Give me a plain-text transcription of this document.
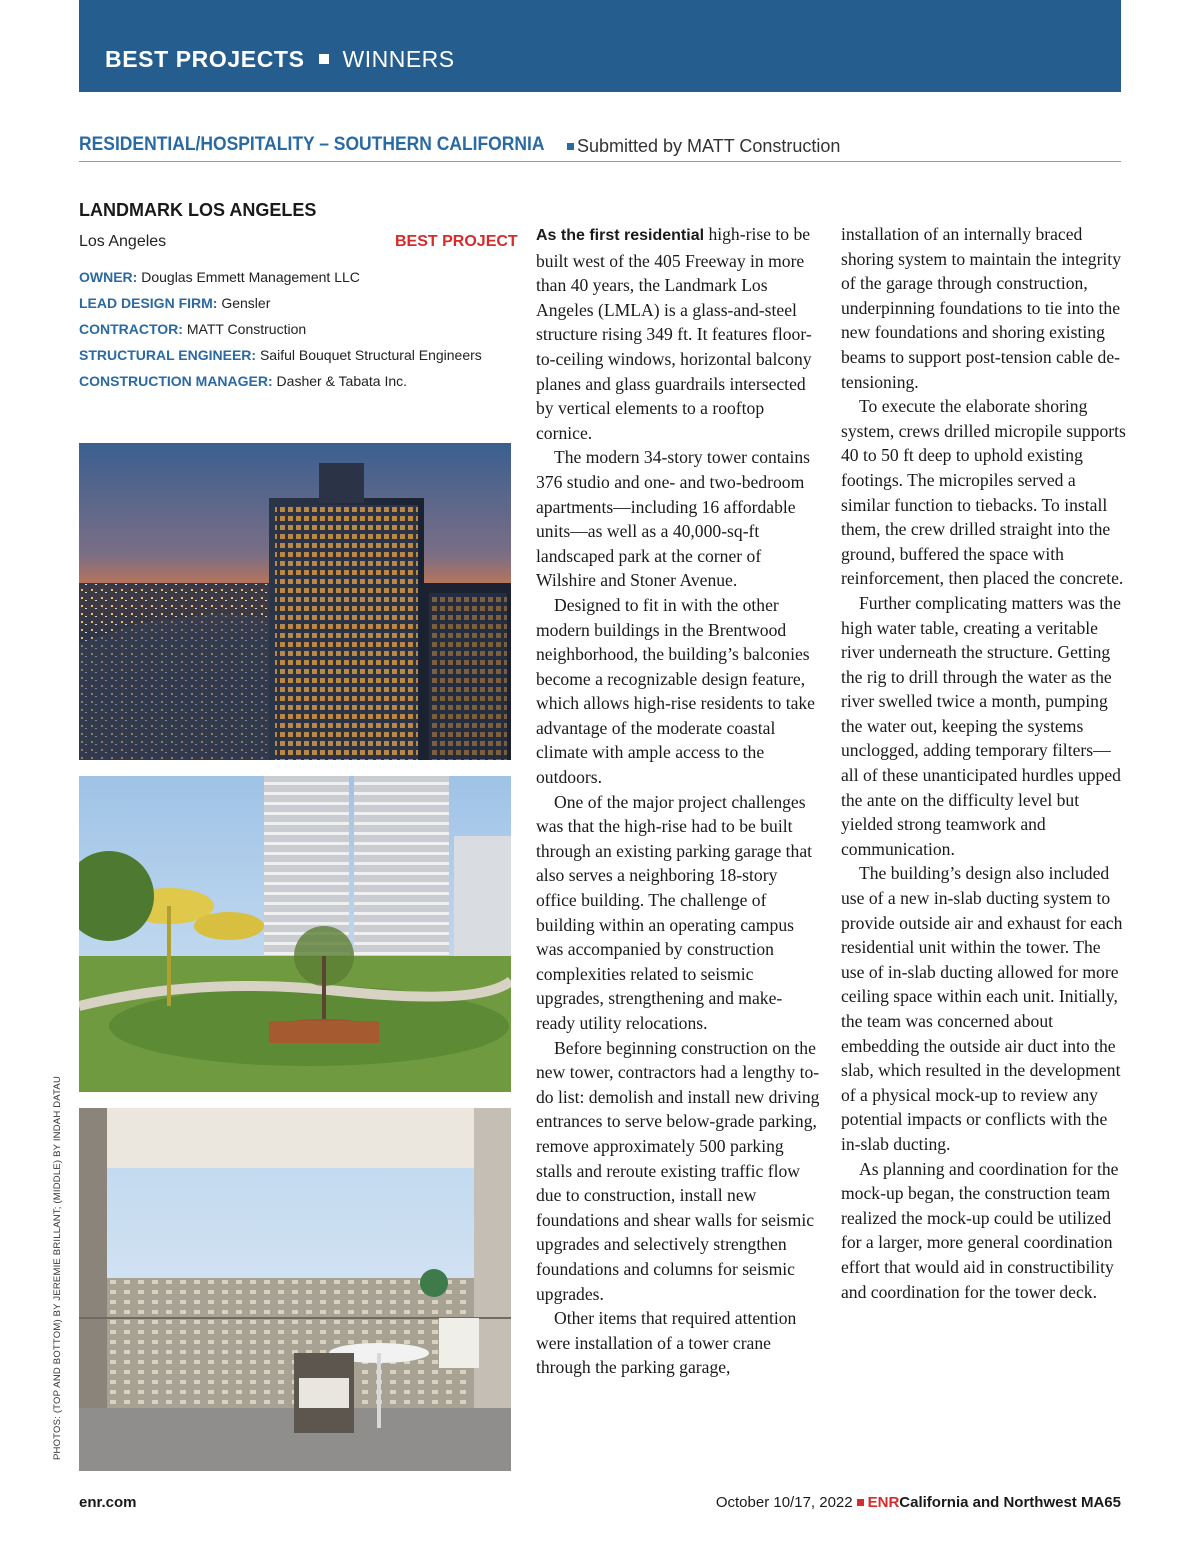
BEST PROJECTS WINNERS
RESIDENTIAL/HOSPITALITY – SOUTHERN CALIFORNIA Submitted by MATT Construction
LANDMARK LOS ANGELES
Los Angeles	BEST PROJECT
OWNER: Douglas Emmett Management LLC
LEAD DESIGN FIRM: Gensler
CONTRACTOR: MATT Construction
STRUCTURAL ENGINEER: Saiful Bouquet Structural Engineers
CONSTRUCTION MANAGER: Dasher & Tabata Inc.
PHOTOS: (TOP AND BOTTOM) BY JEREMIE BRILLANT; (MIDDLE) BY INDAH DATAU

As the first residential high-rise to be built west of the 405 Freeway in more than 40 years, the Landmark Los Angeles (LMLA) is a glass-and-steel structure rising 349 ft. It features floor-to-ceiling windows, horizontal balcony planes and glass guardrails intersected by vertical elements to a rooftop cornice.

The modern 34-story tower contains 376 studio and one- and two-bedroom apartments—including 16 affordable units—as well as a 40,000-sq-ft landscaped park at the corner of Wilshire and Stoner Avenue.

Designed to fit in with the other modern buildings in the Brentwood neighborhood, the building’s balconies become a recognizable design feature, which allows high-rise residents to take advantage of the moderate coastal climate with ample access to the outdoors.

One of the major project challenges was that the high-rise had to be built through an existing parking garage that also serves a neighboring 18-story office building. The challenge of building within an operating campus was accompanied by construction complexities related to seismic upgrades, strengthening and make-ready utility relocations.

Before beginning construction on the new tower, contractors had a lengthy to-do list: demolish and install new driving entrances to serve below-grade parking, remove approximately 500 parking stalls and reroute existing traffic flow due to construction, install new foundations and shear walls for seismic upgrades and selectively strengthen foundations and columns for seismic upgrades.

Other items that required attention were installation of a tower crane through the parking garage,

installation of an internally braced shoring system to maintain the integrity of the garage through construction, underpinning foundations to tie into the new foundations and shoring existing beams to support post-tension cable de-tensioning.

To execute the elaborate shoring system, crews drilled micropile supports 40 to 50 ft deep to uphold existing footings. The micropiles served a similar function to tiebacks. To install them, the crew drilled straight into the ground, buffered the space with reinforcement, then placed the concrete.

Further complicating matters was the high water table, creating a veritable river underneath the structure. Getting the rig to drill through the water as the river swelled twice a month, pumping the water out, keeping the systems unclogged, adding temporary filters—all of these unanticipated hurdles upped the ante on the difficulty level but yielded strong teamwork and communication.

The building’s design also included use of a new in-slab ducting system to provide outside air and exhaust for each residential unit within the tower. The use of in-slab ducting allowed for more ceiling space within each unit. Initially, the team was concerned about embedding the outside air duct into the slab, which resulted in the development of a physical mock-up to review any potential impacts or conflicts with the in-slab ducting.

As planning and coordination for the mock-up began, the construction team realized the mock-up could be utilized for a larger, more general coordination effort that would aid in constructibility and coordination for the tower deck.

enr.com	October 10/17, 2022 ENRCalifornia and Northwest MA65
